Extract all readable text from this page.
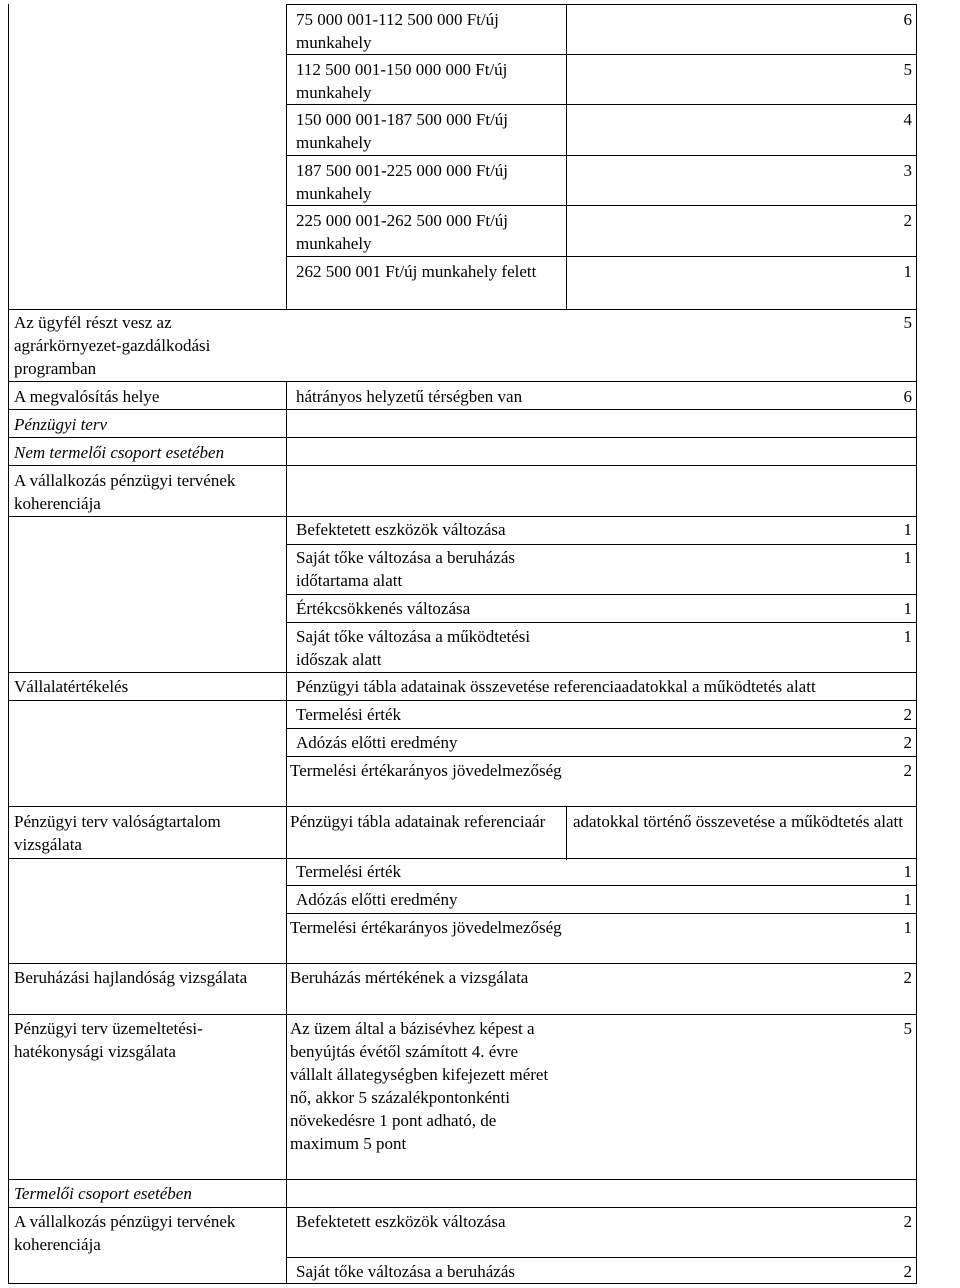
Az ügyfél részt vesz az agrárkörnyezet-gazdálkodási programban
A megvalósítás helye
Pénzügyi terv
Nem termelői csoport esetében
A vállalkozás pénzügyi tervének koherenciája
Vállalatértékelés
Pénzügyi terv valóságtartalom vizsgálata
Beruházási hajlandóság vizsgálata
Pénzügyi terv üzemeltetési-hatékonysági vizsgálata
Termelői csoport esetében
A vállalkozás pénzügyi tervének koherenciája
75 000 001-112 500 000 Ft/új munkahely
112 500 001-150 000 000 Ft/új munkahely
150 000 001-187 500 000 Ft/új munkahely
187 500 001-225 000 000 Ft/új munkahely
225 000 001-262 500 000 Ft/új munkahely
262 500 001 Ft/új munkahely felett
hátrányos helyzetű térségben van
Befektetett eszközök változása
Saját tőke változása a beruházás időtartama alatt
Értékcsökkenés változása
Saját tőke változása a működtetési időszak alatt
Pénzügyi tábla adatainak összevetése referenciaadatokkal a működtetés alatt
Termelési érték
Adózás előtti eredmény
Termelési értékarányos jövedelmezőség
Pénzügyi tábla adatainak referenciaár
Termelési érték
Adózás előtti eredmény
Termelési értékarányos jövedelmezőség
Beruházás mértékének a vizsgálata
Az üzem által a bázisévhez képest a benyújtás évétől számított 4. évre vállalt állategységben kifejezett méret nő, akkor 5 százalékpontonkénti növekedésre 1 pont adható, de maximum 5 pont
Befektetett eszközök változása
Saját tőke változása a beruházás
6
5
4
3
2
1
5
6
1
1
1
1
2
2
2
adatokkal történő összevetése a működtetés alatt
1
1
1
2
5
2
2
